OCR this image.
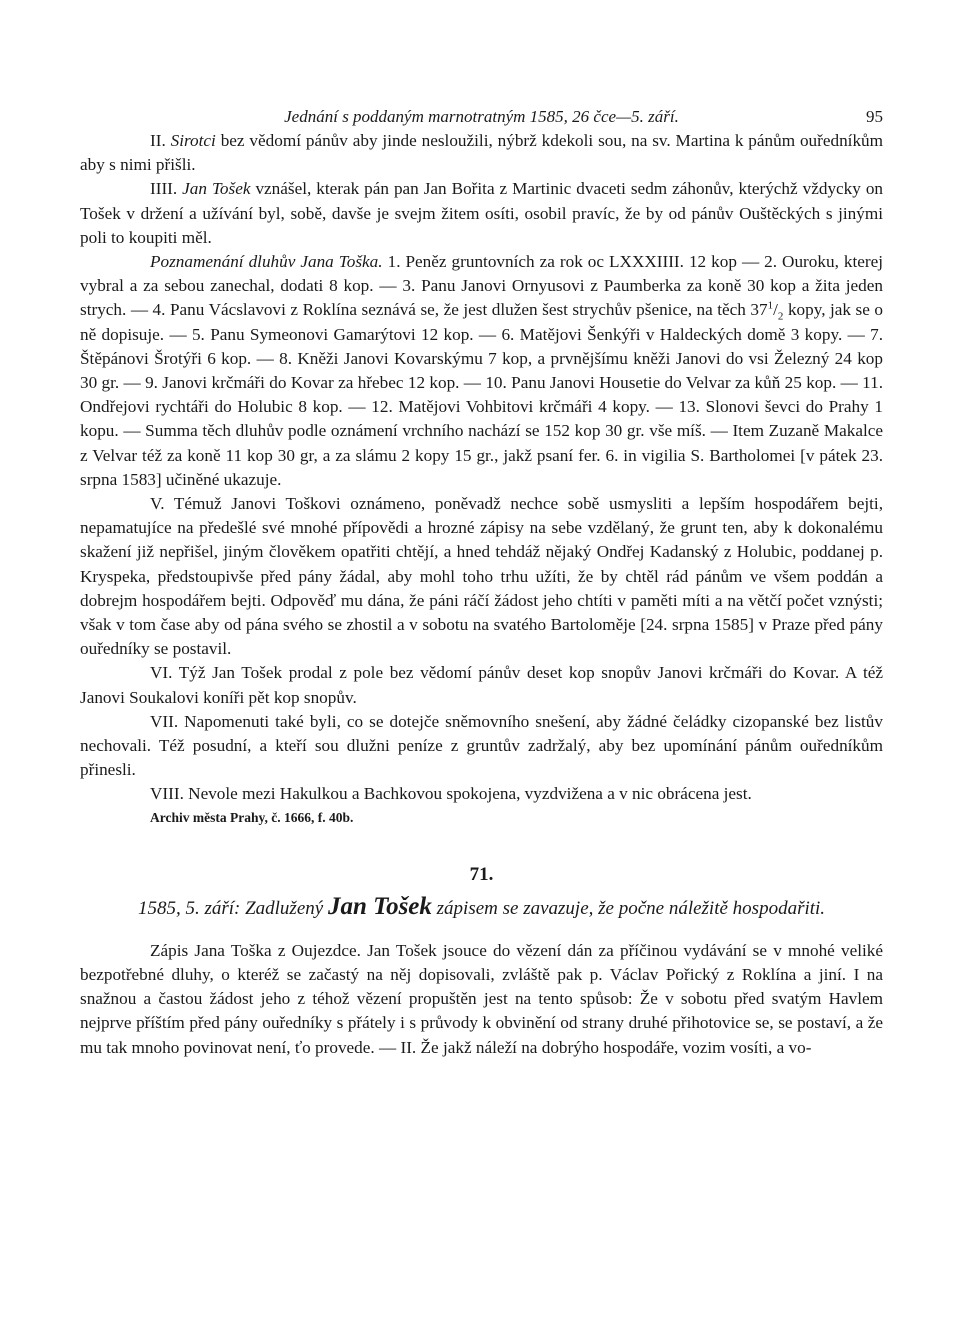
Jednání s poddaným marnotratným 1585, 26 čce—5. září.	95

II. Sirotci bez vědomí pánův aby jinde nesloužili, nýbrž kdekoli sou, na sv. Martina k pánům ouředníkům aby s nimi přišli.

IIII. Jan Tošek vznášel, kterak pán pan Jan Bořita z Martinic dvaceti sedm záhonův, kterýchž vždycky on Tošek v držení a užívání byl, sobě, davše je svejm žitem osíti, osobil pravíc, že by od pánův Ouštěckých s jinými poli to koupiti měl.

Poznamenání dluhův Jana Toška. 1. Peněz gruntovních za rok oc LXXXIIII. 12 kop — 2. Ouroku, kterej vybral a za sebou zanechal, dodati 8 kop. — 3. Panu Janovi Ornyusovi z Paumberka za koně 30 kop a žita jeden strych. — 4. Panu Vácslavovi z Roklína seznává se, že jest dlužen šest strychův pšenice, na těch $37^1/_2$ kopy, jak se o ně dopisuje. — 5. Panu Symeonovi Gamarýtovi 12 kop. — 6. Matějovi Šenkýři v Haldeckých domě 3 kopy. — 7. Štěpánovi Šrotýři 6 kop. — 8. Kněži Janovi Kovarskýmu 7 kop, a prvnějšímu kněži Janovi do vsi Železný 24 kop 30 gr. — 9. Janovi krčmáři do Kovar za hřebec 12 kop. — 10. Panu Janovi Housetie do Velvar za kůň 25 kop. — 11. Ondřejovi rychtáři do Holubic 8 kop. — 12. Matějovi Vohbitovi krčmáři 4 kopy. — 13. Slonovi ševci do Prahy 1 kopu. — Summa těch dluhův podle oznámení vrchního nachází se 152 kop 30 gr. vše míš. — Item Zuzaně Makalce z Velvar též za koně 11 kop 30 gr, a za slámu 2 kopy 15 gr., jakž psaní fer. 6. in vigilia S. Bartholomei [v pátek 23. srpna 1583] učiněné ukazuje.

V. Témuž Janovi Toškovi oznámeno, poněvadž nechce sobě usmysliti a lepším hospodářem bejti, nepamatujíce na předešlé své mnohé přípovědi a hrozné zápisy na sebe vzdělaný, že grunt ten, aby k dokonalému skažení již nepřišel, jiným člověkem opatřiti chtějí, a hned tehdáž nějaký Ondřej Kadanský z Holubic, poddanej p. Kryspeka, předstoupivše před pány žádal, aby mohl toho trhu užíti, že by chtěl rád pánům ve všem poddán a dobrejm hospodářem bejti. Odpověď mu dána, že páni ráčí žádost jeho chtíti v paměti míti a na větčí počet vznýsti; však v tom čase aby od pána svého se zhostil a v sobotu na svatého Bartoloměje [24. srpna 1585] v Praze před pány ouředníky se postavil.

VI. Týž Jan Tošek prodal z pole bez vědomí pánův deset kop snopův Janovi krčmáři do Kovar. A též Janovi Soukalovi koníři pět kop snopův.

VII. Napomenuti také byli, co se dotejče sněmovního snešení, aby žádné čeládky cizopanské bez listův nechovali. Též posudní, a kteří sou dlužni peníze z gruntův zadržalý, aby bez upomínání pánům ouředníkům přinesli.

VIII. Nevole mezi Hakulkou a Bachkovou spokojena, vyzdvižena a v nic obrácena jest.

Archiv města Prahy, č. 1666, f. 40b.
71.
1585, 5. září: Zadlužený Jan Tošek zápisem se zavazuje, že počne náležitě hospodařiti.

Zápis Jana Toška z Oujezdce. Jan Tošek jsouce do vězení dán za příčinou vydávání se v mnohé veliké bezpotřebné dluhy, o kteréž se začastý na něj dopisovali, zvláště pak p. Václav Pořický z Roklína a jiní. I na snažnou a častou žádost jeho z téhož vězení propuštěn jest na tento spůsob: Že v sobotu před svatým Havlem nejprve příštím před pány ouředníky s přátely i s průvody k obvinění od strany druhé přihotovice se, se postaví, a že mu tak mnoho povinovat není, ťo provede. — II. Že jakž náleží na dobrýho hospodáře, vozim vosíti, a vo-
